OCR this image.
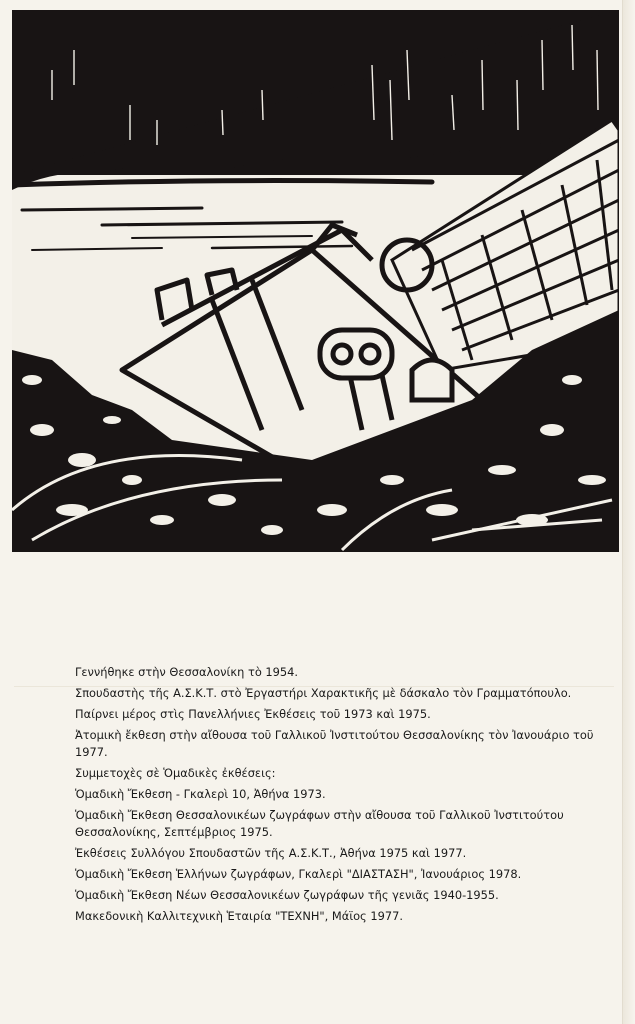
Γεννήθηκε στὴν Θεσσαλονίκη τὸ 1954.

Σπουδαστὴς τῆς Α.Σ.Κ.Τ. στὸ Ἐργαστήρι Χαρακτικῆς μὲ δάσκαλο τὸν Γραμματόπουλο.

Παίρνει μέρος στὶς Πανελλήνιες Ἐκθέσεις τοῦ 1973 καὶ 1975.

Ἀτομικὴ ἔκθεση στὴν αἴθουσα τοῦ Γαλλικοῦ Ἰνστιτούτου Θεσσαλονίκης τὸν Ἰανουάριο τοῦ 1977.

Συμμετοχὲς σὲ Ὁμαδικὲς ἐκθέσεις:

Ὁμαδικὴ Ἔκθεση - Γκαλερὶ 10, Ἀθήνα 1973.

Ὁμαδικὴ Ἔκθεση Θεσσαλονικέων ζωγράφων στὴν αἴθουσα τοῦ Γαλλικοῦ Ἰνστιτούτου Θεσσαλονίκης, Σεπτέμβριος 1975.

Ἐκθέσεις Συλλόγου Σπουδαστῶν τῆς Α.Σ.Κ.Τ., Ἀθήνα 1975 καὶ 1977.

Ὁμαδικὴ Ἔκθεση Ἑλλήνων ζωγράφων, Γκαλερὶ "ΔΙΑΣΤΑΣΗ", Ἰανουάριος 1978.

Ὁμαδικὴ Ἔκθεση Νέων Θεσσαλονικέων ζωγράφων τῆς γενιᾶς 1940-1955.

Μακεδονικὴ Καλλιτεχνικὴ Ἑταιρία "ΤΕΧΝΗ", Μάϊος 1977.
